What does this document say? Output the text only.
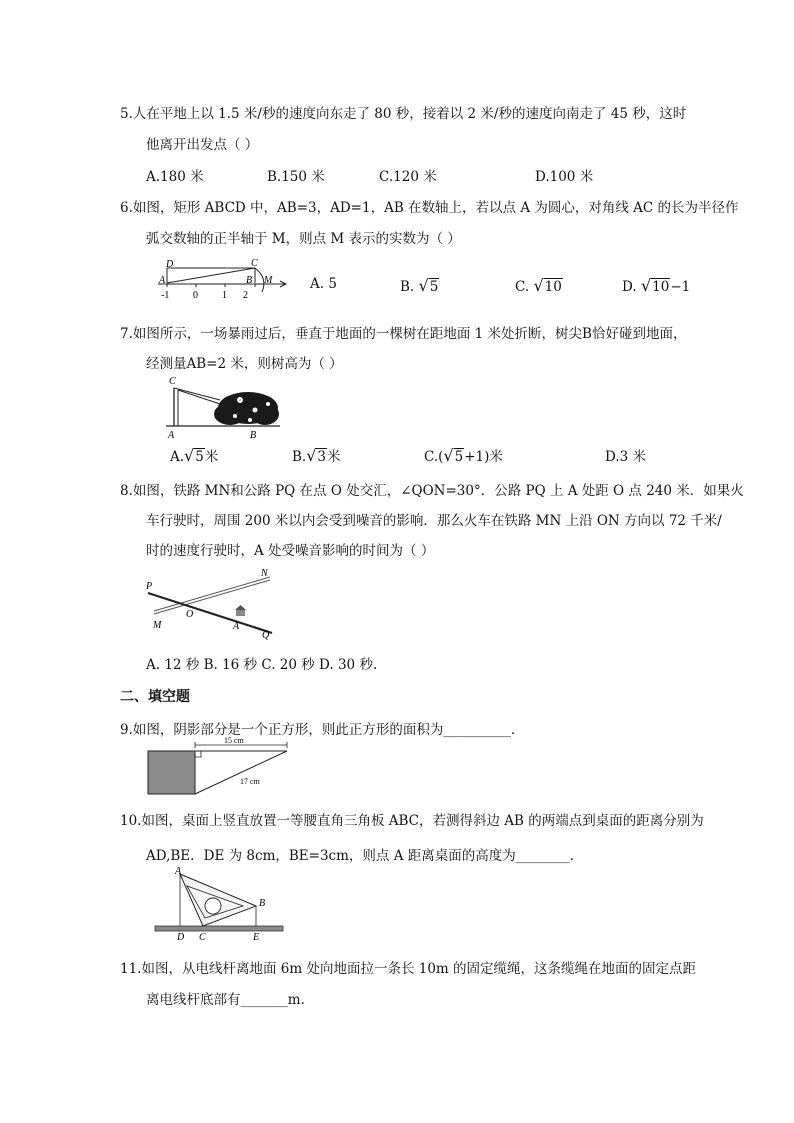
5.人在平地上以 1.5 米/秒的速度向东走了 80 秒，接着以 2 米/秒的速度向南走了 45 秒，这时
他离开出发点（ ）
A.180 米	B.150 米	C.120 米	D.100 米
6.如图，矩形 ABCD 中，AB=3，AD=1，AB 在数轴上，若以点 A 为圆心，对角线 AC 的长为半径作
弧交数轴的正半轴于 M，则点 M 表示的实数为（ ）
D	C
A	B M
-1 0 1 2
A. 5	B. √5	C. √10	D. √10−1
7.如图所示，一场暴雨过后，垂直于地面的一棵树在距地面 1 米处折断，树尖B恰好碰到地面，
经测量AB=2 米，则树高为（ ）
C
A	B
A.√5米	B.√3米	C.(√5+1)米	D.3 米
8.如图，铁路 MN和公路 PQ 在点 O 处交汇，∠QON=30°．公路 PQ 上 A 处距 O 点 240 米．如果火
车行驶时，周围 200 米以内会受到噪音的影响．那么火车在铁路 MN 上沿 ON 方向以 72 千米/
时的速度行驶时，A 处受噪音影响的时间为（ ）
P
N
M
O
A
Q
A. 12 秒 B. 16 秒 C. 20 秒 D. 30 秒.
二、填空题
9.如图，阴影部分是一个正方形，则此正方形的面积为__________．
15 cm
17 cm
10.如图，桌面上竖直放置一等腰直角三角板 ABC，若测得斜边 AB 的两端点到桌面的距离分别为
AD,BE．DE 为 8cm，BE=3cm，则点 A 距离桌面的高度为________．
A
B
C
D	E
11.如图，从电线杆离地面 6m 处向地面拉一条长 10m 的固定缆绳，这条缆绳在地面的固定点距
离电线杆底部有_______m.
